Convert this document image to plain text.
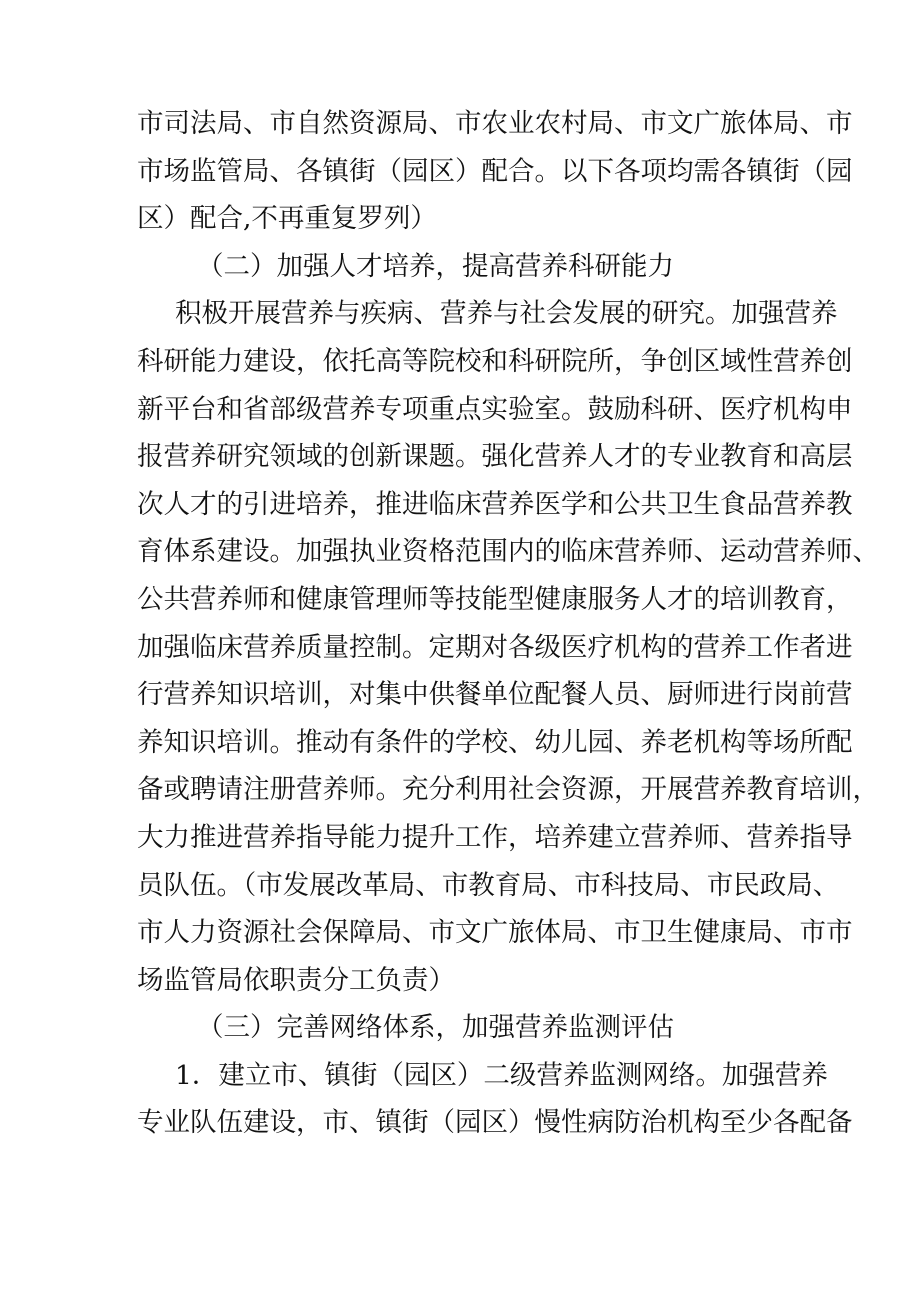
市司法局、市自然资源局、市农业农村局、市文广旅体局、市
市场监管局、各镇街（园区）配合。以下各项均需各镇街（园
区）配合,不再重复罗列）
（二）加强人才培养，提高营养科研能力
积极开展营养与疾病、营养与社会发展的研究。加强营养
科研能力建设，依托高等院校和科研院所，争创区域性营养创
新平台和省部级营养专项重点实验室。鼓励科研、医疗机构申
报营养研究领域的创新课题。强化营养人才的专业教育和高层
次人才的引进培养，推进临床营养医学和公共卫生食品营养教
育体系建设。加强执业资格范围内的临床营养师、运动营养师、
公共营养师和健康管理师等技能型健康服务人才的培训教育，
加强临床营养质量控制。定期对各级医疗机构的营养工作者进
行营养知识培训，对集中供餐单位配餐人员、厨师进行岗前营
养知识培训。推动有条件的学校、幼儿园、养老机构等场所配
备或聘请注册营养师。充分利用社会资源，开展营养教育培训，
大力推进营养指导能力提升工作，培养建立营养师、营养指导
员队伍。（市发展改革局、市教育局、市科技局、市民政局、
市人力资源社会保障局、市文广旅体局、市卫生健康局、市市
场监管局依职责分工负责）
（三）完善网络体系，加强营养监测评估
1．建立市、镇街（园区）二级营养监测网络。加强营养
专业队伍建设，市、镇街（园区）慢性病防治机构至少各配备
